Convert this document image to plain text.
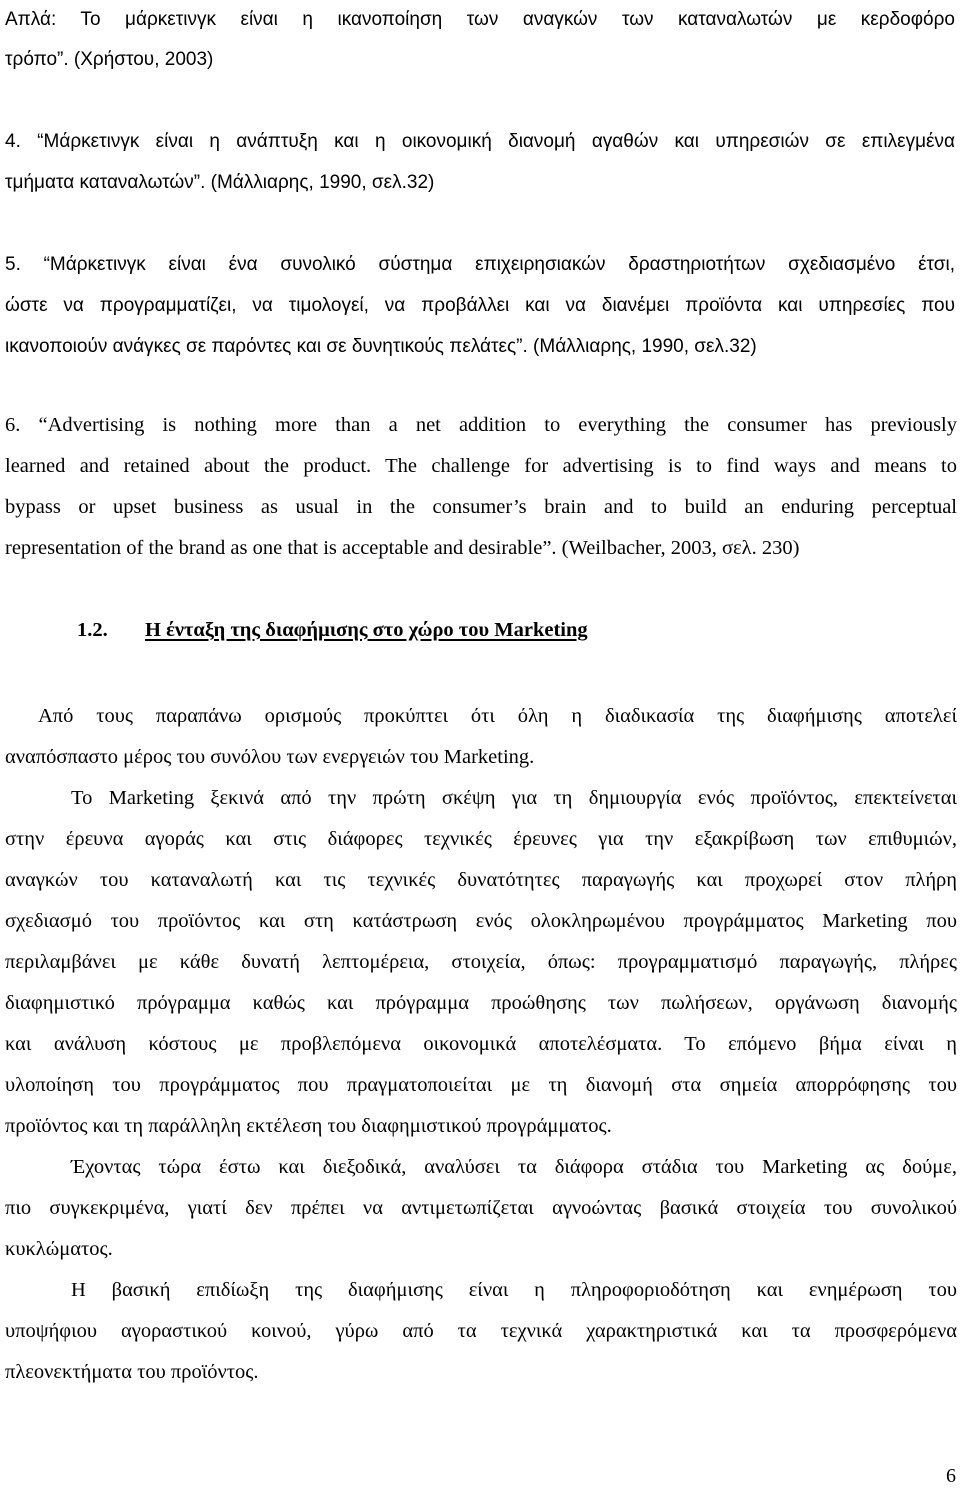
Απλά: Το μάρκετινγκ είναι η ικανοποίηση των αναγκών των καταναλωτών με κερδοφόρο

τρόπο”. (Χρήστου, 2003)

4. “Μάρκετινγκ είναι η ανάπτυξη και η οικονομική διανομή αγαθών και υπηρεσιών σε επιλεγμένα

τμήματα καταναλωτών”. (Μάλλιαρης, 1990, σελ.32)

5. “Μάρκετινγκ είναι ένα συνολικό σύστημα επιχειρησιακών δραστηριοτήτων σχεδιασμένο έτσι,

ώστε να προγραμματίζει, να τιμολογεί, να προβάλλει και να διανέμει προϊόντα και υπηρεσίες που

ικανοποιούν ανάγκες σε παρόντες και σε δυνητικούς πελάτες”. (Μάλλιαρης, 1990, σελ.32)

6. “Advertising is nothing more than a net addition to everything the consumer has previously

learned and retained about the product. The challenge for advertising is to find ways and means to

bypass or upset business as usual in the consumer’s brain and to build an enduring perceptual

representation of the brand as one that is acceptable and desirable”. (Weilbacher, 2003, σελ. 230)

1.2. Η ένταξη της διαφήμισης στο χώρο του Marketing

Από τους παραπάνω ορισμούς προκύπτει ότι όλη η διαδικασία της διαφήμισης αποτελεί

αναπόσπαστο μέρος του συνόλου των ενεργειών του Marketing.

Το Marketing ξεκινά από την πρώτη σκέψη για τη δημιουργία ενός προϊόντος, επεκτείνεται

στην έρευνα αγοράς και στις διάφορες τεχνικές έρευνες για την εξακρίβωση των επιθυμιών,

αναγκών του καταναλωτή και τις τεχνικές δυνατότητες παραγωγής και προχωρεί στον πλήρη

σχεδιασμό του προϊόντος και στη κατάστρωση ενός ολοκληρωμένου προγράμματος Marketing που

περιλαμβάνει με κάθε δυνατή λεπτομέρεια, στοιχεία, όπως: προγραμματισμό παραγωγής, πλήρες

διαφημιστικό πρόγραμμα καθώς και πρόγραμμα προώθησης των πωλήσεων, οργάνωση διανομής

και ανάλυση κόστους με προβλεπόμενα οικονομικά αποτελέσματα. Το επόμενο βήμα είναι η

υλοποίηση του προγράμματος που πραγματοποιείται με τη διανομή στα σημεία απορρόφησης του

προϊόντος και τη παράλληλη εκτέλεση του διαφημιστικού προγράμματος.

Έχοντας τώρα έστω και διεξοδικά, αναλύσει τα διάφορα στάδια του Marketing ας δούμε,

πιο συγκεκριμένα, γιατί δεν πρέπει να αντιμετωπίζεται αγνοώντας βασικά στοιχεία του συνολικού

κυκλώματος.

Η βασική επιδίωξη της διαφήμισης είναι η πληροφοριοδότηση και ενημέρωση του

υποψήφιου αγοραστικού κοινού, γύρω από τα τεχνικά χαρακτηριστικά και τα προσφερόμενα

πλεονεκτήματα του προϊόντος.

6
